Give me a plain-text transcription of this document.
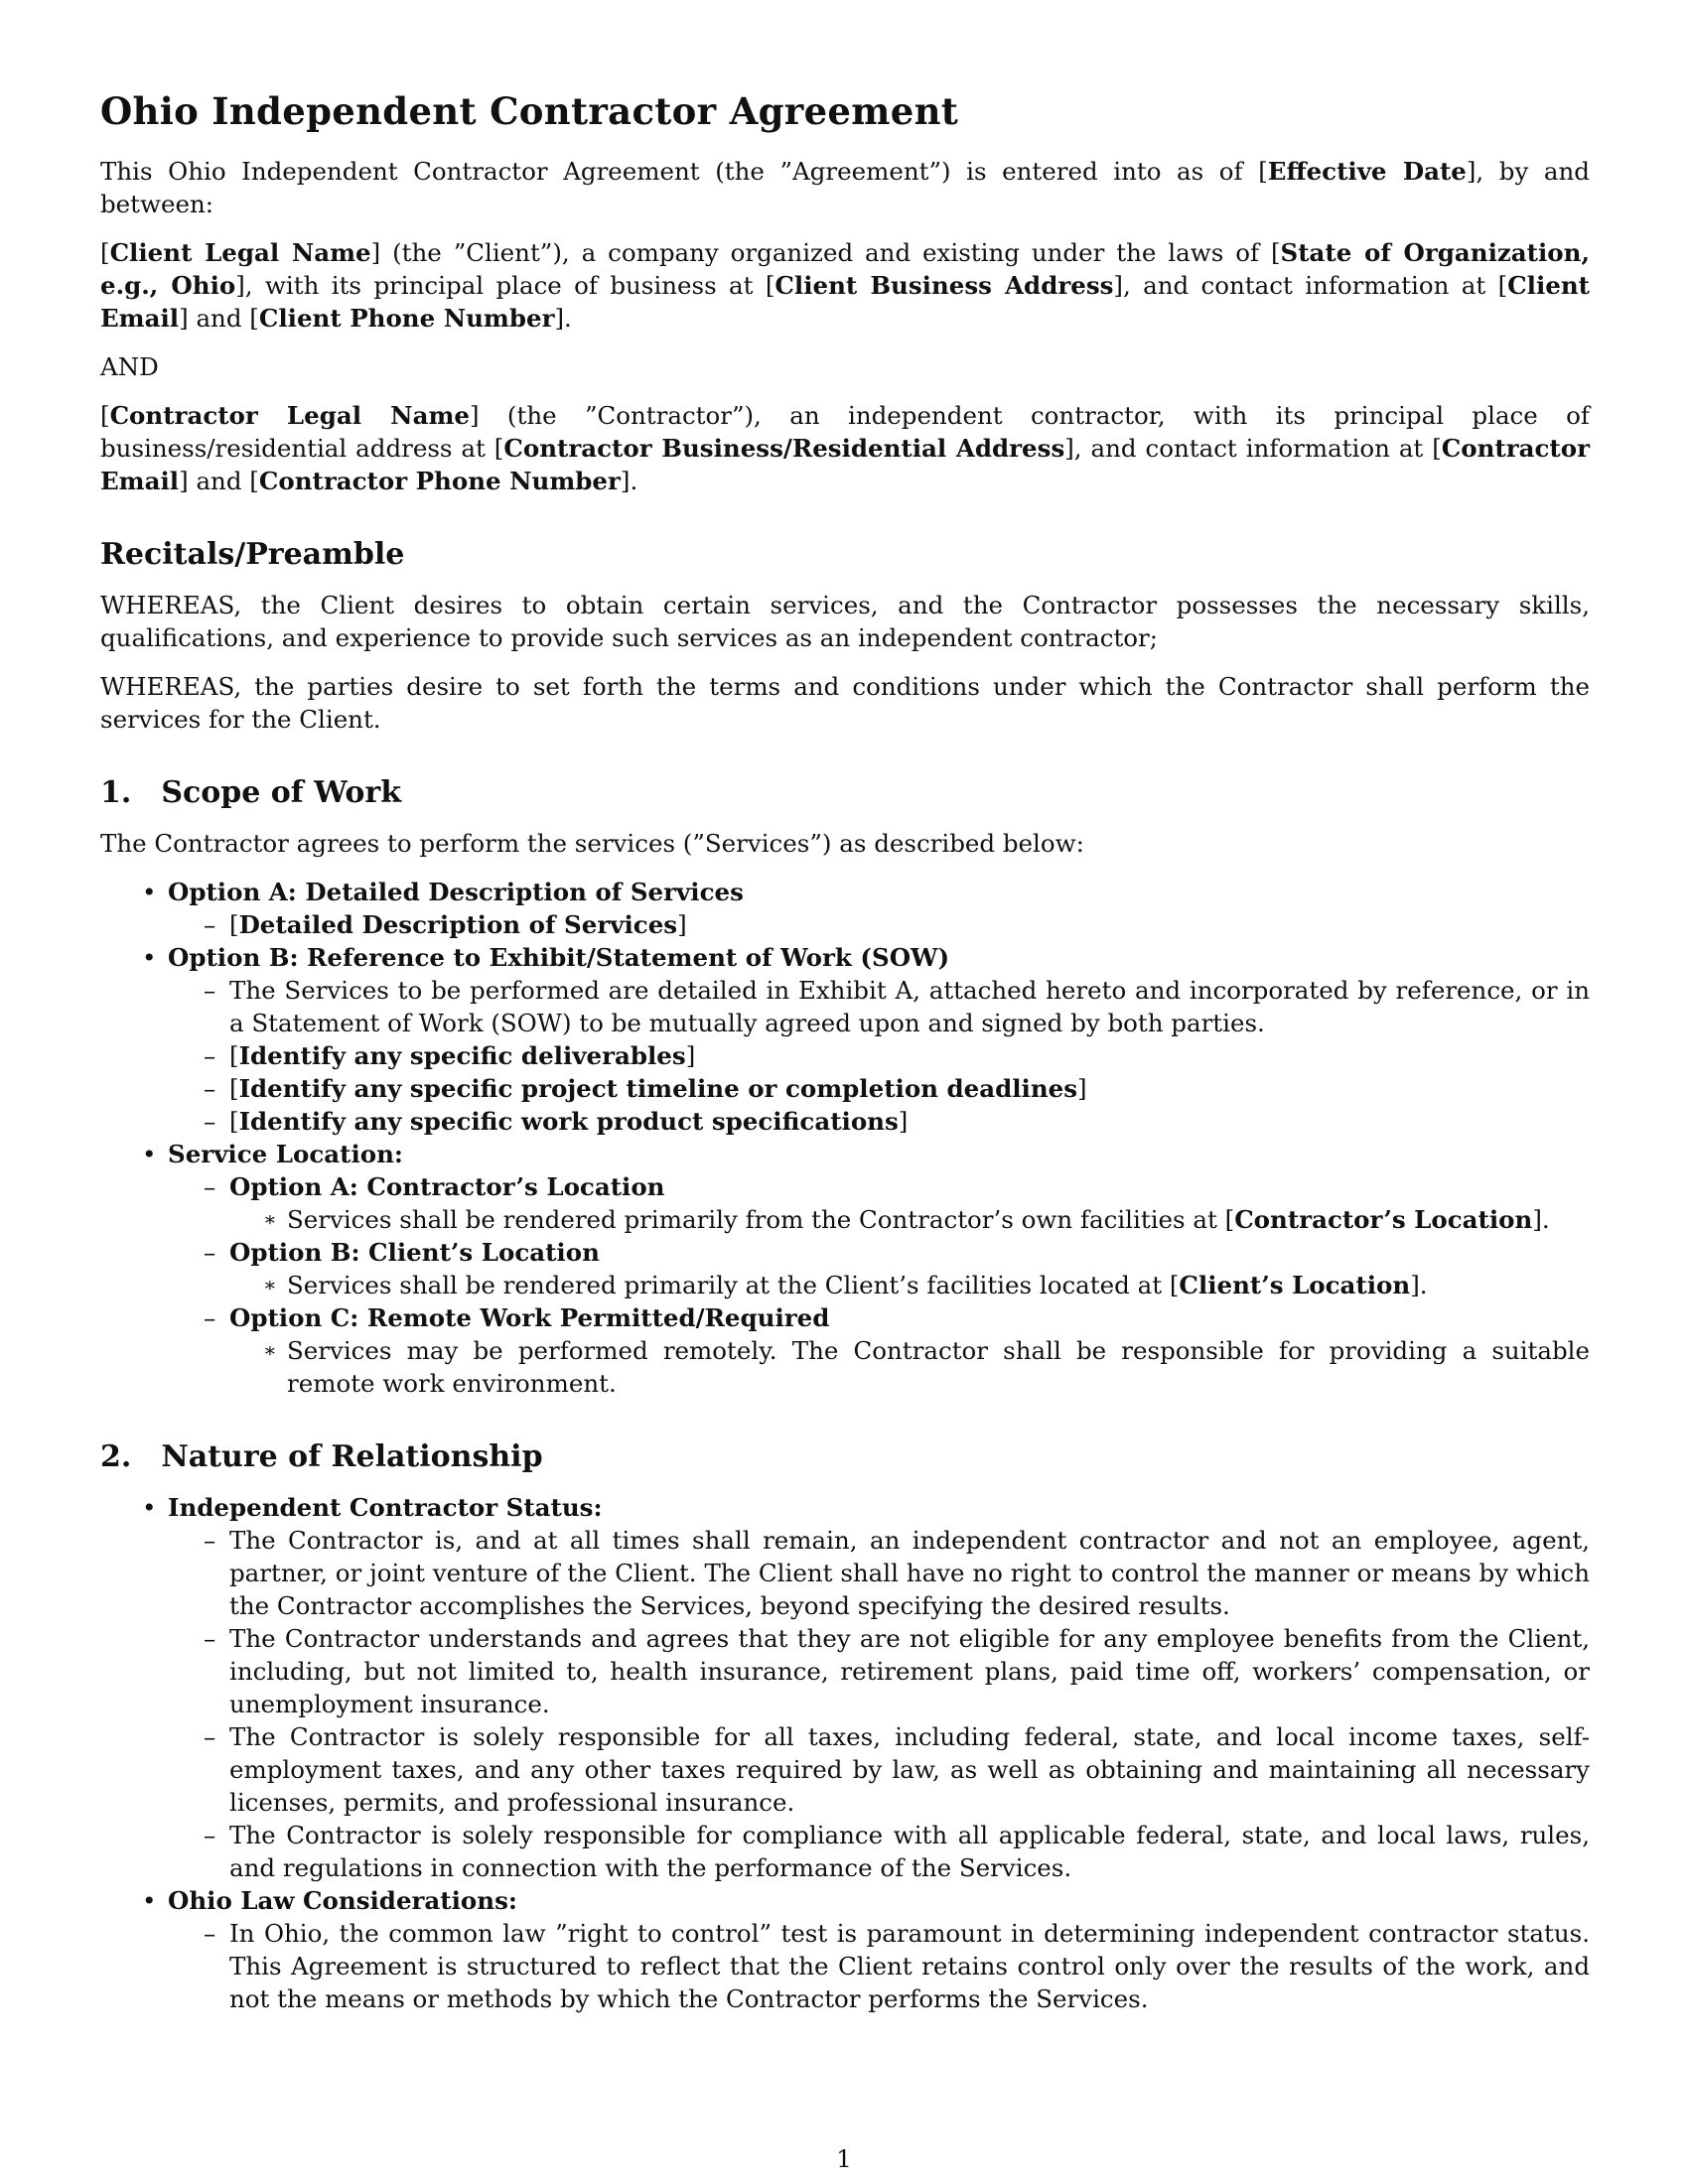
Ohio Independent Contractor Agreement

This Ohio Independent Contractor Agreement (the ”Agreement”) is entered into as of [Effective Date], by and between:

[Client Legal Name] (the ”Client”), a company organized and existing under the laws of [State of Organization, e.g., Ohio], with its principal place of business at [Client Business Address], and contact information at [Client Email] and [Client Phone Number].

AND

[Contractor Legal Name] (the ”Contractor”), an independent contractor, with its principal place of business/residential address at [Contractor Business/Residential Address], and contact information at [Contractor Email] and [Contractor Phone Number].

Recitals/Preamble

WHEREAS, the Client desires to obtain certain services, and the Contractor possesses the necessary skills, qualifications, and experience to provide such services as an independent contractor;

WHEREAS, the parties desire to set forth the terms and conditions under which the Contractor shall perform the services for the Client.

1. Scope of Work

The Contractor agrees to perform the services (”Services”) as described below:

• Option A: Detailed Description of Services
– [Detailed Description of Services]
• Option B: Reference to Exhibit/Statement of Work (SOW)
– The Services to be performed are detailed in Exhibit A, attached hereto and incorporated by reference, or in a Statement of Work (SOW) to be mutually agreed upon and signed by both parties.
– [Identify any specific deliverables]
– [Identify any specific project timeline or completion deadlines]
– [Identify any specific work product specifications]
• Service Location:
– Option A: Contractor’s Location
∗ Services shall be rendered primarily from the Contractor’s own facilities at [Contractor’s Location].
– Option B: Client’s Location
∗ Services shall be rendered primarily at the Client’s facilities located at [Client’s Location].
– Option C: Remote Work Permitted/Required
∗ Services may be performed remotely. The Contractor shall be responsible for providing a suitable remote work environment.
2. Nature of Relationship
• Independent Contractor Status:
– The Contractor is, and at all times shall remain, an independent contractor and not an employee, agent, partner, or joint venture of the Client. The Client shall have no right to control the manner or means by which the Contractor accomplishes the Services, beyond specifying the desired results.
– The Contractor understands and agrees that they are not eligible for any employee benefits from the Client, including, but not limited to, health insurance, retirement plans, paid time off, workers’ compensation, or unemployment insurance.
– The Contractor is solely responsible for all taxes, including federal, state, and local income taxes, self-employment taxes, and any other taxes required by law, as well as obtaining and maintaining all necessary licenses, permits, and professional insurance.
– The Contractor is solely responsible for compliance with all applicable federal, state, and local laws, rules, and regulations in connection with the performance of the Services.
• Ohio Law Considerations:
– In Ohio, the common law ”right to control” test is paramount in determining independent contractor status. This Agreement is structured to reflect that the Client retains control only over the results of the work, and not the means or methods by which the Contractor performs the Services.
1
